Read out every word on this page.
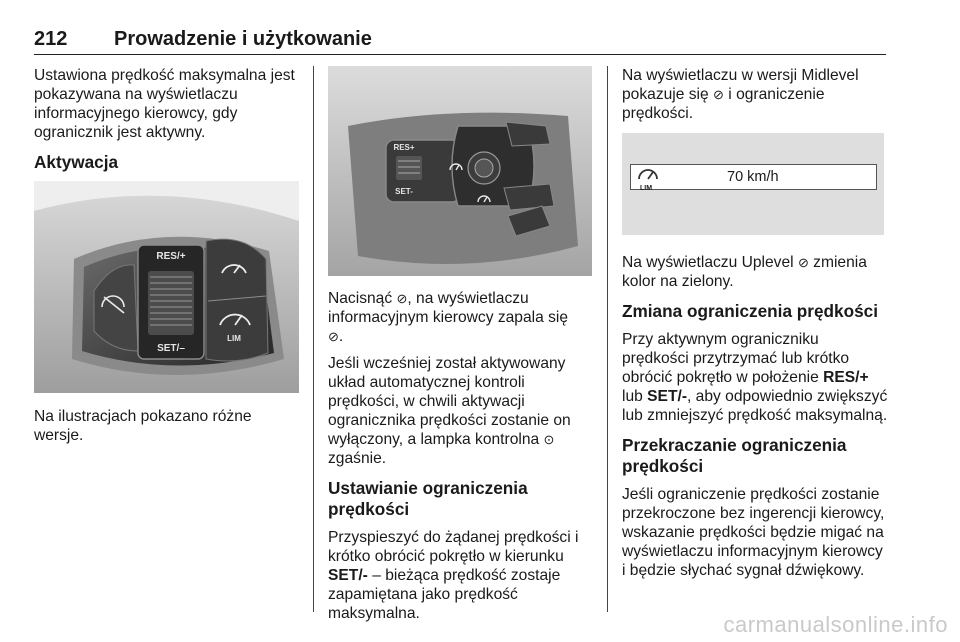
212 Prowadzenie i użytkowanie

Ustawiona prędkość maksymalna jest pokazywana na wyświetlaczu informacyjnego kierowcy, gdy ogranicznik jest aktywny.

Aktywacja
RES/+
SET/–
LIM

Na ilustracjach pokazano różne wersje.

RES+
SET-

Nacisnąć ⊘, na wyświetlaczu informacyjnym kierowcy zapala się
⊘.

Jeśli wcześniej został aktywowany układ automatycznej kontroli prędkości, w chwili aktywacji ogranicznika prędkości zostanie on wyłączony, a lampka kontrolna ⊙ zgaśnie.

Ustawianie ograniczenia prędkości

Przyspieszyć do żądanej prędkości i krótko obrócić pokrętło w kierunku SET/- – bieżąca prędkość zostaje zapamiętana jako prędkość maksymalna.

Na wyświetlaczu w wersji Midlevel pokazuje się ⊘ i ograniczenie prędkości.

LIM
70 km/h

Na wyświetlaczu Uplevel ⊘ zmienia kolor na zielony.

Zmiana ograniczenia prędkości

Przy aktywnym ograniczniku prędkości przytrzymać lub krótko obrócić pokrętło w położenie RES/+ lub SET/-, aby odpowiednio zwiększyć lub zmniejszyć prędkość maksymalną.

Przekraczanie ograniczenia prędkości

Jeśli ograniczenie prędkości zostanie przekroczone bez ingerencji kierowcy, wskazanie prędkości będzie migać na wyświetlaczu informacyjnym kierowcy i będzie słychać sygnał dźwiękowy.

carmanualsonline.info
